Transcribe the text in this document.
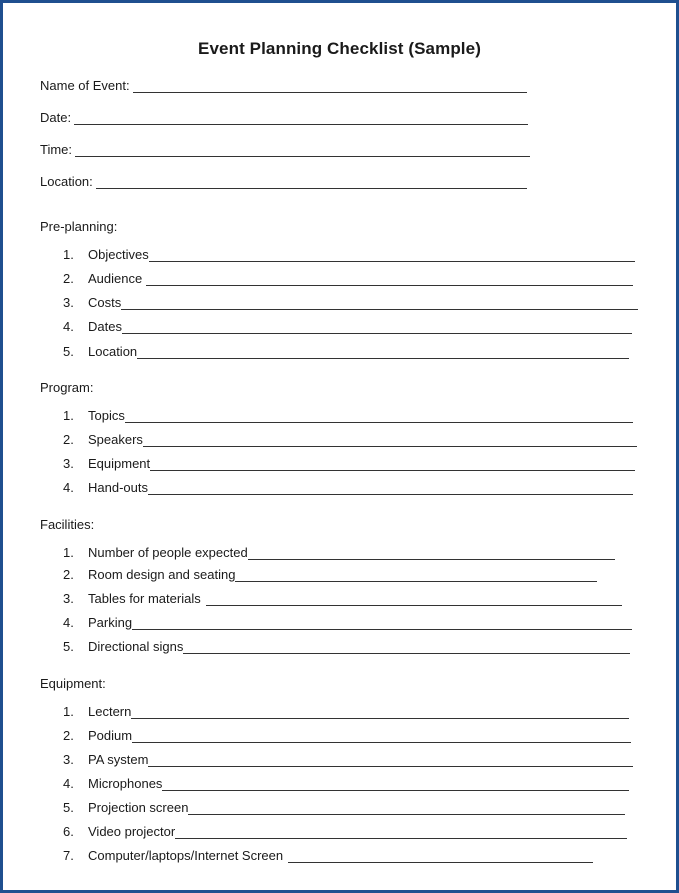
Event Planning Checklist (Sample)
Name of Event:
Date:
Time:
Location:
Pre-planning:
1.	Objectives
2.	Audience
3.	Costs
4.	Dates
5.	Location
Program:
1.	Topics
2.	Speakers
3.	Equipment
4.	Hand-outs
Facilities:
1.	Number of people expected
2.	Room design and seating
3.	Tables for materials
4.	Parking
5.	Directional signs
Equipment:
1.	Lectern
2.	Podium
3.	PA system
4.	Microphones
5.	Projection screen
6.	Video projector
7.	Computer/laptops/Internet Screen
